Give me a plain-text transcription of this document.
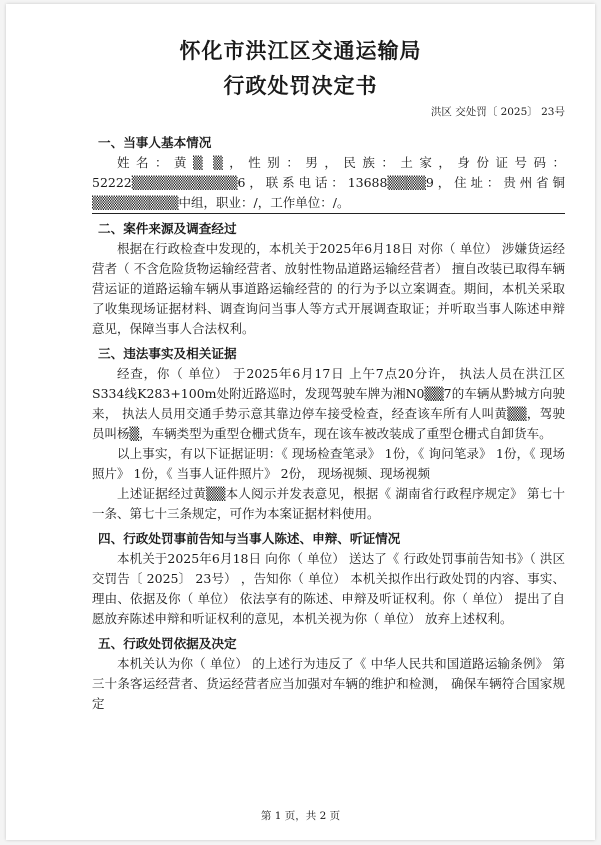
怀化市洪江区交通运输局
行政处罚决定书
洪区 交处罚〔 2025〕 23号
一、当事人基本情况
姓名：黄▒ ▒，性别：男，民族：土家，身份证号码：52222▒▒▒▒▒▒▒▒▒▒▒6，联系电话：13688▒▒▒▒9，住址：贵州省铜▒▒▒▒▒▒▒▒▒中组，职业：/，工作单位：/。
二、案件来源及调查经过
根据在行政检查中发现的，本机关于2025年6月18日 对你（ 单位） 涉嫌货运经营者（ 不含危险货物运输经营者、放射性物品道路运输经营者） 擅自改装已取得车辆营运证的道路运输车辆从事道路运输经营的 的行为予以立案调查。期间，本机关采取了收集现场证据材料、调查询问当事人等方式开展调查取证；并听取当事人陈述申辩意见，保障当事人合法权利。
三、违法事实及相关证据
经查，你（ 单位） 于2025年6月17日 上午7点20分许， 执法人员在洪江区S334线K283+100m处附近路巡时，发现驾驶车牌为湘N0▒▒7的车辆从黔城方向驶来， 执法人员用交通手势示意其靠边停车接受检查，经查该车所有人叫黄▒▒，驾驶员叫杨▒，车辆类型为重型仓栅式货车，现在该车被改装成了重型仓栅式自卸货车。
以上事实，有以下证据证明：《 现场检查笔录》 1份，《 询问笔录》 1份，《 现场照片》 1份，《 当事人证件照片》 2份， 现场视频、现场视频
上述证据经过黄▒▒本人阅示并发表意见，根据《 湖南省行政程序规定》 第七十一条、第七十三条规定，可作为本案证据材料使用。
四、行政处罚事前告知与当事人陈述、申辩、听证情况
本机关于2025年6月18日 向你（ 单位） 送达了《 行政处罚事前告知书》（ 洪区交罚告〔 2025〕 23号） ，告知你（ 单位） 本机关拟作出行政处罚的内容、事实、理由、依据及你（ 单位） 依法享有的陈述、申辩及听证权利。你（ 单位） 提出了自愿放弃陈述申辩和听证权利的意见，本机关视为你（ 单位） 放弃上述权利。
五、行政处罚依据及决定
本机关认为你（ 单位） 的上述行为违反了《 中华人民共和国道路运输条例》 第三十条客运经营者、货运经营者应当加强对车辆的维护和检测， 确保车辆符合国家规定
第 1 页，共 2 页
